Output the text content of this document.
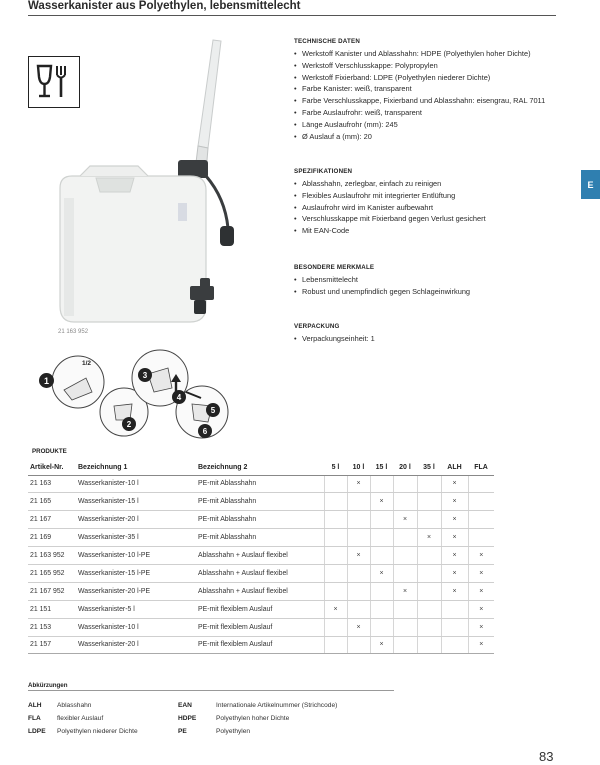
Wasserkanister aus Polyethylen, lebensmittelecht
21 163 952
1
2
3
4
5
6
1/2
E
TECHNISCHE DATEN
• Werkstoff Kanister und Ablasshahn: HDPE (Polyethylen hoher Dichte)
• Werkstoff Verschlusskappe: Polypropylen
• Werkstoff Fixierband: LDPE (Polyethylen niederer Dichte)
• Farbe Kanister: weiß, transparent
• Farbe Verschlusskappe, Fixierband und Ablasshahn: eisengrau, RAL 7011
• Farbe Auslaufrohr: weiß, transparent
• Länge Auslaufrohr (mm): 245
• Ø Auslauf a (mm): 20
SPEZIFIKATIONEN
• Ablasshahn, zerlegbar, einfach zu reinigen
• Flexibles Auslaufrohr mit integrierter Entlüftung
• Auslaufrohr wird im Kanister aufbewahrt
• Verschlusskappe mit Fixierband gegen Verlust gesichert
• Mit EAN-Code
BESONDERE MERKMALE
• Lebensmittelecht
• Robust und unempfindlich gegen Schlageinwirkung
VERPACKUNG
• Verpackungseinheit: 1
PRODUKTE
Artikel-Nr.	Bezeichnung 1	Bezeichnung 2	5 l	10 l	15 l	20 l	35 l	ALH	FLA
21 163	Wasserkanister-10 l	PE-mit Ablasshahn		×				×	
21 165	Wasserkanister-15 l	PE-mit Ablasshahn			×			×	
21 167	Wasserkanister-20 l	PE-mit Ablasshahn				×		×	
21 169	Wasserkanister-35 l	PE-mit Ablasshahn					×	×	
21 163 952	Wasserkanister-10 l-PE	Ablasshahn + Auslauf flexibel		×				×	×
21 165 952	Wasserkanister-15 l-PE	Ablasshahn + Auslauf flexibel			×			×	×
21 167 952	Wasserkanister-20 l-PE	Ablasshahn + Auslauf flexibel				×		×	×
21 151	Wasserkanister-5 l	PE-mit flexiblem Auslauf	×						×
21 153	Wasserkanister-10 l	PE-mit flexiblem Auslauf		×					×
21 157	Wasserkanister-20 l	PE-mit flexiblem Auslauf			×				×
Abkürzungen
ALH Ablasshahn
FLA flexibler Auslauf
LDPE Polyethylen niederer Dichte
EAN	Internationale Artikelnummer (Strichcode)
HDPE	Polyethylen hoher Dichte
PE	Polyethylen
83
